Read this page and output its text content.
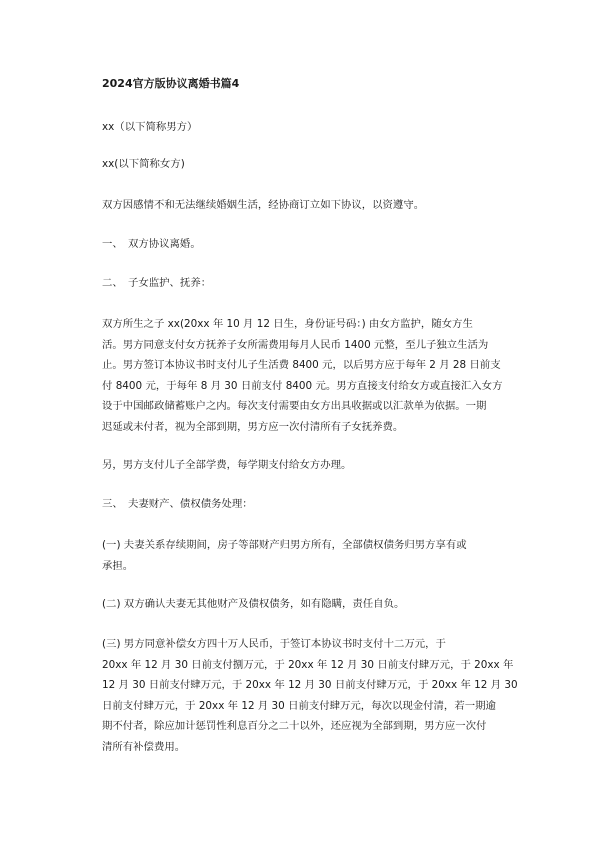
2024官方版协议离婚书篇4

xx（以下简称男方）

xx(以下简称女方)

双方因感情不和无法继续婚姻生活，经协商订立如下协议，以资遵守。

一、　双方协议离婚。

二、　子女监护、抚养：

双方所生之子 xx(20xx 年 10 月 12 日生，身份证号码：) 由女方监护，随女方生
活。男方同意支付女方抚养子女所需费用每月人民币 1400 元整，至儿子独立生活为
止。男方签订本协议书时支付儿子生活费 8400 元，以后男方应于每年 2 月 28 日前支
付 8400 元，于每年 8 月 30 日前支付 8400 元。男方直接支付给女方或直接汇入女方
设于中国邮政储蓄账户之内。每次支付需要由女方出具收据或以汇款单为依据。一期
迟延或未付者，视为全部到期，男方应一次付清所有子女抚养费。

另，男方支付儿子全部学费，每学期支付给女方办理。

三、　夫妻财产、债权债务处理：

(一) 夫妻关系存续期间，房子等部财产归男方所有，全部债权债务归男方享有或
承担。

(二) 双方确认夫妻无其他财产及债权债务，如有隐瞒，责任自负。

(三) 男方同意补偿女方四十万人民币，于签订本协议书时支付十二万元，于
20xx 年 12 月 30 日前支付捌万元，于 20xx 年 12 月 30 日前支付肆万元，于 20xx 年
12 月 30 日前支付肆万元，于 20xx 年 12 月 30 日前支付肆万元，于 20xx 年 12 月 30
日前支付肆万元，于 20xx 年 12 月 30 日前支付肆万元，每次以现金付清，若一期逾
期不付者，除应加计惩罚性利息百分之二十以外，还应视为全部到期，男方应一次付
清所有补偿费用。
